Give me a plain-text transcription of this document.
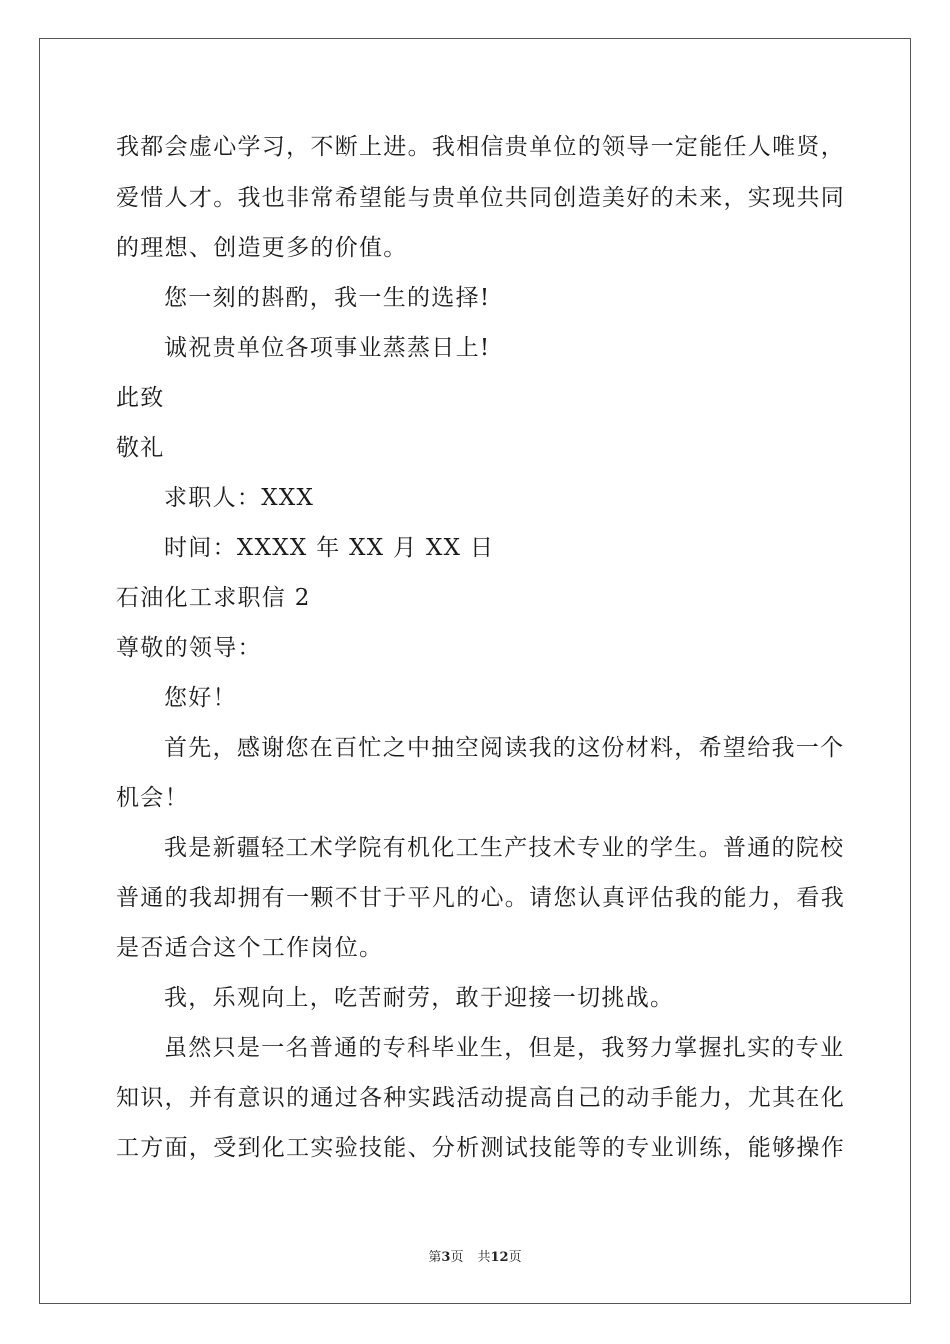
我都会虚心学习，不断上进。我相信贵单位的领导一定能任人唯贤，

爱惜人才。我也非常希望能与贵单位共同创造美好的未来，实现共同

的理想、创造更多的价值。

您一刻的斟酌，我一生的选择!

诚祝贵单位各项事业蒸蒸日上!

此致

敬礼

求职人：XXX

时间：XXXX 年 XX 月 XX 日

石油化工求职信 2

尊敬的领导：

您好！

首先，感谢您在百忙之中抽空阅读我的这份材料，希望给我一个

机会！

我是新疆轻工术学院有机化工生产技术专业的学生。普通的院校

普通的我却拥有一颗不甘于平凡的心。请您认真评估我的能力，看我

是否适合这个工作岗位。

我，乐观向上，吃苦耐劳，敢于迎接一切挑战。

虽然只是一名普通的专科毕业生，但是，我努力掌握扎实的专业

知识，并有意识的通过各种实践活动提高自己的动手能力，尤其在化

工方面，受到化工实验技能、分析测试技能等的专业训练，能够操作

第3页 共12页
